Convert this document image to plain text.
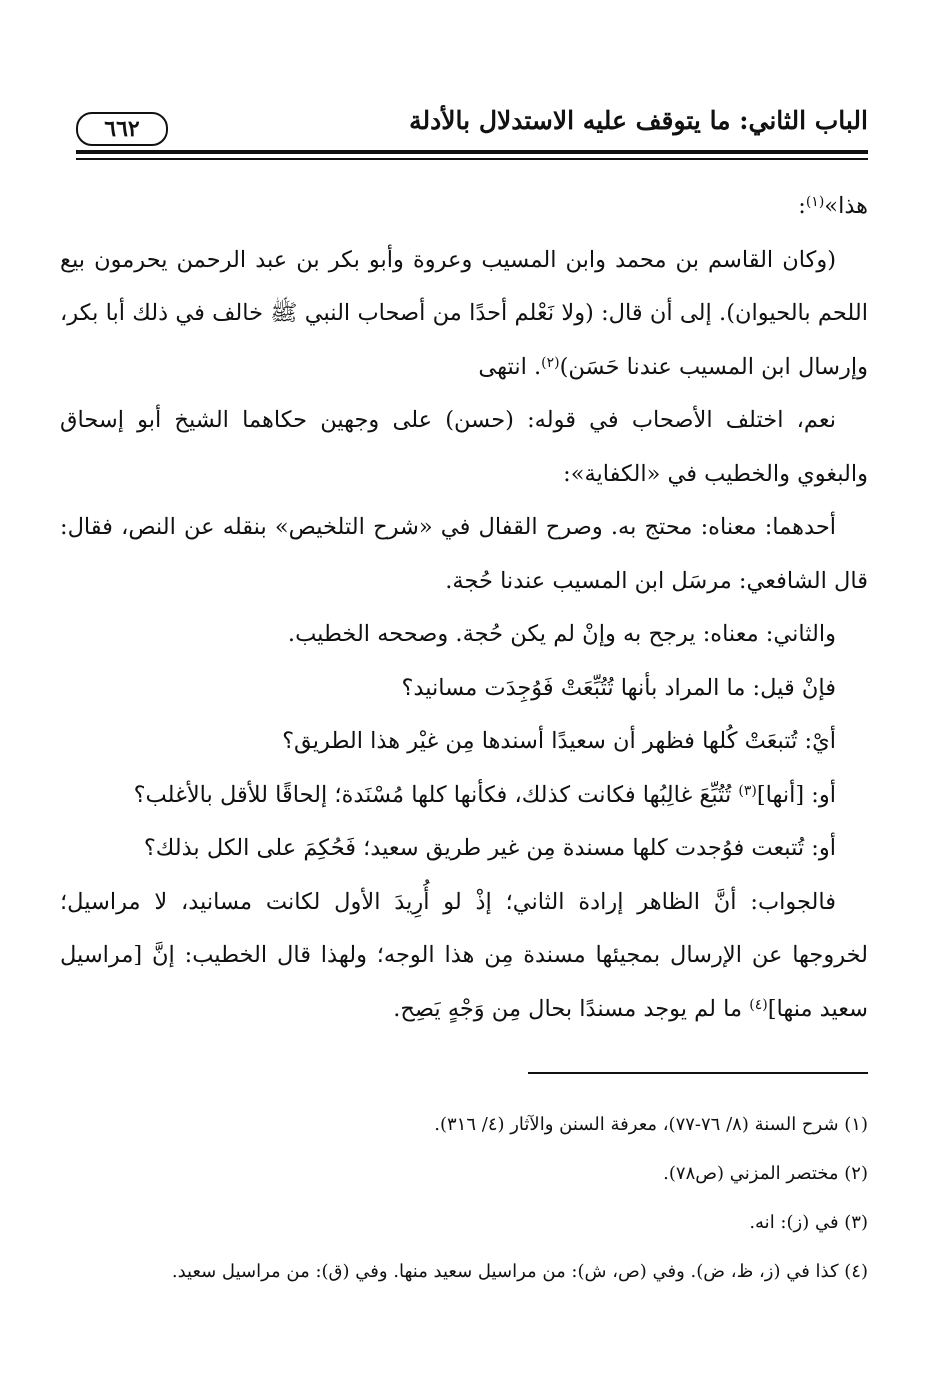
٦٦٢	الباب الثاني: ما يتوقف عليه الاستدلال بالأدلة

هذا»$^{(١)}$:

(وكان القاسم بن محمد وابن المسيب وعروة وأبو بكر بن عبد الرحمن يحرمون بيع اللحم بالحيوان). إلى أن قال: (ولا نَعْلم أحدًا من أصحاب النبي ﷺ خالف في ذلك أبا بكر، وإرسال ابن المسيب عندنا حَسَن)$^{(٢)}$. انتهى

نعم، اختلف الأصحاب في قوله: (حسن) على وجهين حكاهما الشيخ أبو إسحاق والبغوي والخطيب في «الكفاية»:

أحدهما: معناه: محتج به. وصرح القفال في «شرح التلخيص» بنقله عن النص، فقال: قال الشافعي: مرسَل ابن المسيب عندنا حُجة.

والثاني: معناه: يرجح به وإنْ لم يكن حُجة. وصححه الخطيب.

فإنْ قيل: ما المراد بأنها تُتُبِّعَتْ فَوُجِدَت مسانيد؟

أيْ: تُتبعَتْ كُلها فظهر أن سعيدًا أسندها مِن غيْر هذا الطريق؟

أو: [أنها]$^{(٣)}$ تُتُبِّعَ غالِبُها فكانت كذلك، فكأنها كلها مُسْنَدة؛ إلحاقًا للأقل بالأغلب؟

أو: تُتبعت فوُجدت كلها مسندة مِن غير طريق سعيد؛ فَحُكِمَ على الكل بذلك؟

فالجواب: أنَّ الظاهر إرادة الثاني؛ إذْ لو أُرِيدَ الأول لكانت مسانيد، لا مراسيل؛ لخروجها عن الإرسال بمجيئها مسندة مِن هذا الوجه؛ ولهذا قال الخطيب: إنَّ [مراسيل سعيد منها]$^{(٤)}$ ما لم يوجد مسندًا بحال مِن وَجْهٍ يَصِح.

(١) شرح السنة (٨/ ٧٦-٧٧)، معرفة السنن والآثار (٤/ ٣١٦).

(٢) مختصر المزني (ص٧٨).

(٣) في (ز): انه.

(٤) كذا في (ز، ظ، ض). وفي (ص، ش): من مراسيل سعيد منها. وفي (ق): من مراسيل سعيد.
